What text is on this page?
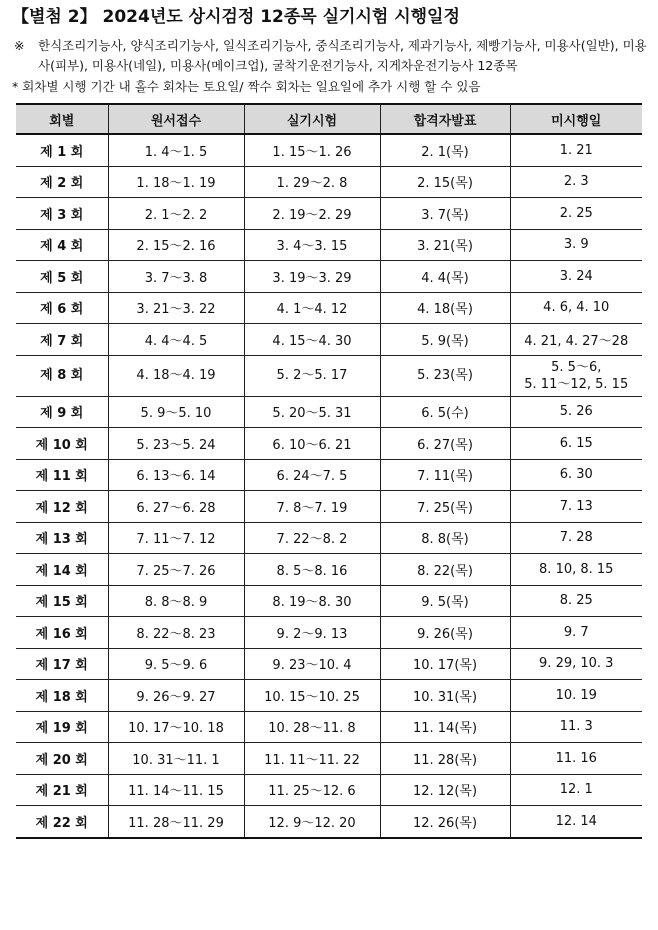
【별첨 2】 2024년도 상시검정 12종목 실기시험 시행일정
※	한식조리기능사, 양식조리기능사, 일식조리기능사, 중식조리기능사, 제과기능사, 제빵기능사, 미용사(일반), 미용사(피부), 미용사(네일), 미용사(메이크업), 굴착기운전기능사, 지게차운전기능사 12종목
* 회차별 시행 기간 내 홀수 회차는 토요일/ 짝수 회차는 일요일에 추가 시행 할 수 있음
회별	원서접수	실기시험	합격자발표	미시행일
제 1 회	1. 4～1. 5	1. 15～1. 26	2. 1(목)	1. 21
제 2 회	1. 18～1. 19	1. 29～2. 8	2. 15(목)	2. 3
제 3 회	2. 1～2. 2	2. 19～2. 29	3. 7(목)	2. 25
제 4 회	2. 15～2. 16	3. 4～3. 15	3. 21(목)	3. 9
제 5 회	3. 7～3. 8	3. 19～3. 29	4. 4(목)	3. 24
제 6 회	3. 21～3. 22	4. 1～4. 12	4. 18(목)	4. 6, 4. 10
제 7 회	4. 4～4. 5	4. 15～4. 30	5. 9(목)	4. 21, 4. 27～28
제 8 회	4. 18～4. 19	5. 2～5. 17	5. 23(목)	5. 5～6,
5. 11～12, 5. 15
제 9 회	5. 9～5. 10	5. 20～5. 31	6. 5(수)	5. 26
제 10 회	5. 23～5. 24	6. 10～6. 21	6. 27(목)	6. 15
제 11 회	6. 13～6. 14	6. 24～7. 5	7. 11(목)	6. 30
제 12 회	6. 27～6. 28	7. 8～7. 19	7. 25(목)	7. 13
제 13 회	7. 11～7. 12	7. 22～8. 2	8. 8(목)	7. 28
제 14 회	7. 25～7. 26	8. 5～8. 16	8. 22(목)	8. 10, 8. 15
제 15 회	8. 8～8. 9	8. 19～8. 30	9. 5(목)	8. 25
제 16 회	8. 22～8. 23	9. 2～9. 13	9. 26(목)	9. 7
제 17 회	9. 5～9. 6	9. 23～10. 4	10. 17(목)	9. 29, 10. 3
제 18 회	9. 26～9. 27	10. 15～10. 25	10. 31(목)	10. 19
제 19 회	10. 17～10. 18	10. 28～11. 8	11. 14(목)	11. 3
제 20 회	10. 31～11. 1	11. 11～11. 22	11. 28(목)	11. 16
제 21 회	11. 14～11. 15	11. 25～12. 6	12. 12(목)	12. 1
제 22 회	11. 28～11. 29	12. 9～12. 20	12. 26(목)	12. 14
